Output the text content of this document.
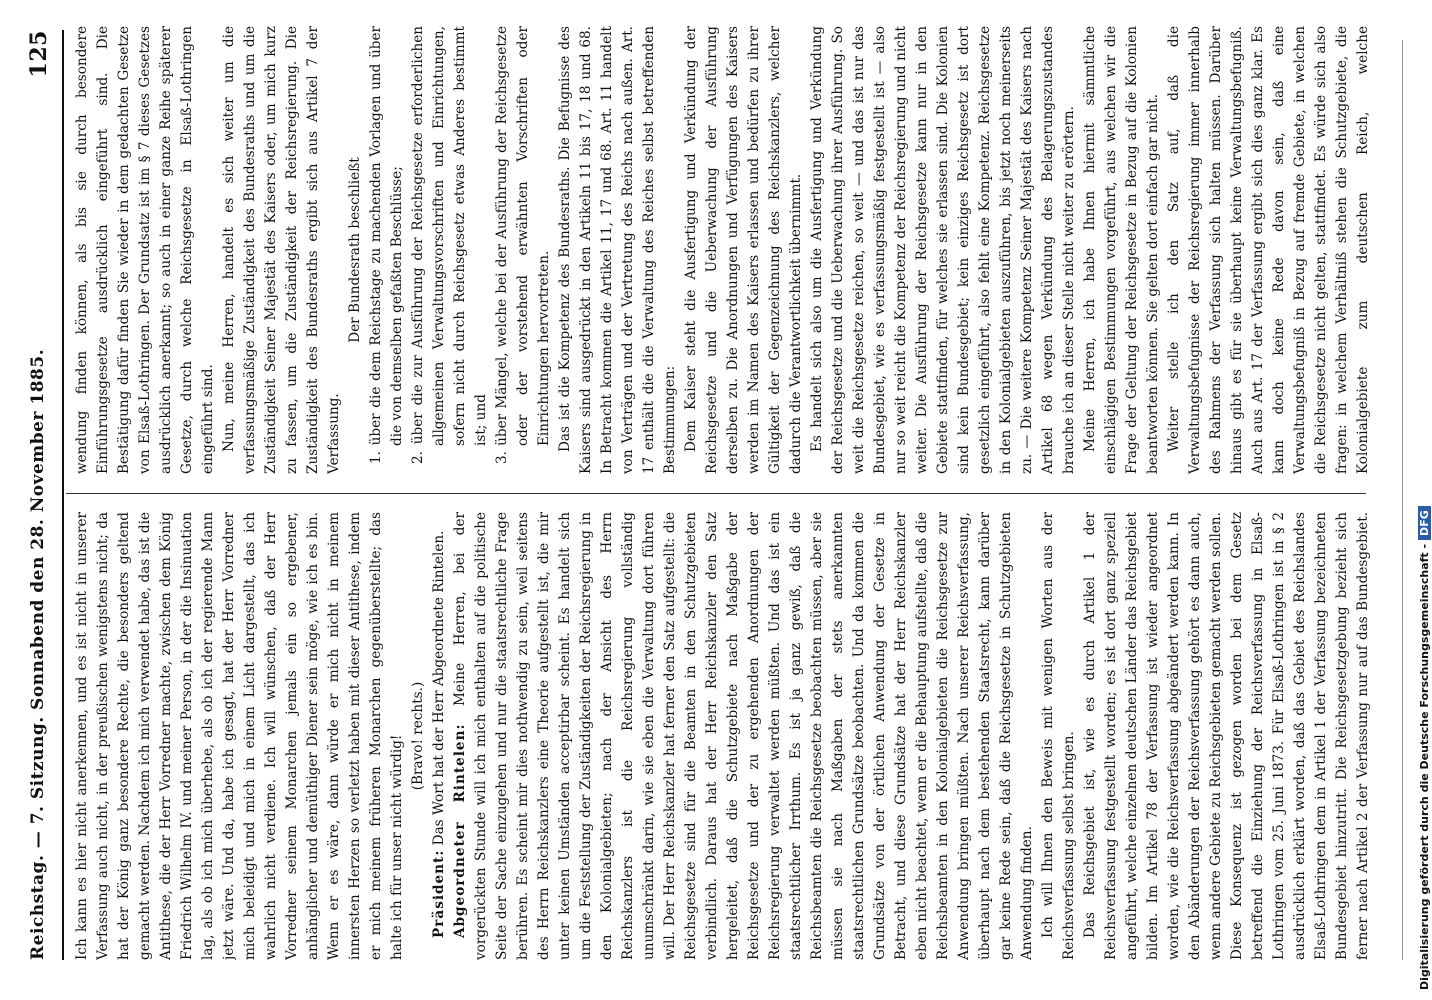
Reichstag. — 7. Sitzung. Sonnabend den 28. November 1885.
125

Ich kann es hier nicht anerkennen, und es ist nicht in unserer Verfassung auch nicht, in der preußischen wenigstens nicht; da hat der König ganz besondere Rechte, die besonders geltend gemacht werden. Nachdem ich mich verwendet habe, das ist die Antithese, die der Herr Vorredner machte, zwischen dem König Friedrich Wilhelm IV. und meiner Person, in der die Insinuation lag, als ob ich mich überhebe, als ob ich der regierende Mann jetzt wäre. Und da, habe ich gesagt, hat der Herr Vorredner mich beleidigt und mich in einem Licht dargestellt, das ich wahrlich nicht verdiene. Ich will wünschen, daß der Herr Vorredner seinem Monarchen jemals ein so ergebener, anhänglicher und demüthiger Diener sein möge, wie ich es bin. Wenn er es wäre, dann würde er mich nicht in meinem innersten Herzen so verletzt haben mit dieser Antithese, indem er mich meinem früheren Monarchen gegenüberstellte; das halte ich für unser nicht würdig! (Bravo! rechts.)

Präsident: Das Wort hat der Herr Abgeordnete Rintelen. Abgeordneter Rintelen: Meine Herren, bei der vorgerückten Stunde will ich mich enthalten auf die politische Seite der Sache einzugehen und nur die staatsrechtliche Frage berühren. Es scheint mir dies nothwendig zu sein, weil seitens des Herrn Reichskanzlers eine Theorie aufgestellt ist, die mir unter keinen Umständen acceptirbar scheint. Es handelt sich um die Feststellung der Zuständigkeiten der Reichsregierung in den Kolonialgebieten; nach der Ansicht des Herrn Reichskanzlers ist die Reichsregierung vollständig unumschränkt darin, wie sie eben die Verwaltung dort führen will. Der Herr Reichskanzler hat ferner den Satz aufgestellt: die Reichsgesetze sind für die Beamten in den Schutzgebieten verbindlich. Daraus hat der Herr Reichskanzler den Satz hergeleitet, daß die Schutzgebiete nach Maßgabe der Reichsgesetze und der zu ergehenden Anordnungen der Reichsregierung verwaltet werden müßten. Und das ist ein staatsrechtlicher Irrthum. Es ist ja ganz gewiß, daß die Reichsbeamten die Reichsgesetze beobachten müssen, aber sie müssen sie nach Maßgaben der stets anerkannten staatsrechtlichen Grundsätze beobachten. Und da kommen die Grundsätze von der örtlichen Anwendung der Gesetze in Betracht, und diese Grundsätze hat der Herr Reichskanzler eben nicht beachtet, wenn er die Behauptung aufstellte, daß die Reichsbeamten in den Kolonialgebieten die Reichsgesetze zur Anwendung bringen müßten. Nach unserer Reichsverfassung, überhaupt nach dem bestehenden Staatsrecht, kann darüber gar keine Rede sein, daß die Reichsgesetze in Schutzgebieten Anwendung finden. Ich will Ihnen den Beweis mit wenigen Worten aus der Reichsverfassung selbst bringen. Das Reichsgebiet ist, wie es durch Artikel 1 der Reichsverfassung festgestellt worden; es ist dort ganz speziell angeführt, welche einzelnen deutschen Länder das Reichsgebiet bilden. Im Artikel 78 der Verfassung ist wieder angeordnet worden, wie die Reichsverfassung abgeändert werden kann. In den Abänderungen der Reichsverfassung gehört es dann auch, wenn andere Gebiete zu Reichsgebieten gemacht werden sollen. Diese Konsequenz ist gezogen worden bei dem Gesetz betreffend die Einziehung der Reichsverfassung in Elsaß-Lothringen vom 25. Juni 1873. Für Elsaß-Lothringen ist in § 2 ausdrücklich erklärt worden, daß das Gebiet des Reichslandes Elsaß-Lothringen dem in Artikel 1 der Verfassung bezeichneten Bundesgebiet hinzutritt. Die Reichsgesetzgebung bezieht sich ferner nach Artikel 2 der Verfassung nur auf das Bundesgebiet.

wendung finden können, als bis sie durch besondere Einführungsgesetze ausdrücklich eingeführt sind. Die Bestätigung dafür finden Sie wieder in dem gedachten Gesetze von Elsaß-Lothringen. Der Grundsatz ist im § 7 dieses Gesetzes ausdrücklich anerkannt; so auch in einer ganze Reihe späterer Gesetze, durch welche Reichsgesetze in Elsaß-Lothringen eingeführt sind. Nun, meine Herren, handelt es sich weiter um die verfassungsmäßige Zuständigkeit des Bundesraths und um die Zuständigkeit Seiner Majestät des Kaisers oder, um mich kurz zu fassen, um die Zuständigkeit der Reichsregierung. Die Zuständigkeit des Bundesraths ergibt sich aus Artikel 7 der Verfassung.

Der Bundesrath beschließt 1. über die dem Reichstage zu machenden Vorlagen und über die von demselben gefaßten Beschlüsse; 2. über die zur Ausführung der Reichsgesetze erforderlichen allgemeinen Verwaltungsvorschriften und Einrichtungen, sofern nicht durch Reichsgesetz etwas Anderes bestimmt ist; und 3. über Mängel, welche bei der Ausführung der Reichsgesetze oder der vorstehend erwähnten Vorschriften oder Einrichtungen hervortreten. Das ist die Kompetenz des Bundesraths. Die Befugnisse des Kaisers sind ausgedrückt in den Artikeln 11 bis 17, 18 und 68. In Betracht kommen die Artikel 11, 17 und 68. Art. 11 handelt von Verträgen und der Vertretung des Reichs nach außen. Art. 17 enthält die die Verwaltung des Reiches selbst betreffenden Bestimmungen: Dem Kaiser steht die Ausfertigung und Verkündung der Reichsgesetze und die Ueberwachung der Ausführung derselben zu. Die Anordnungen und Verfügungen des Kaisers werden im Namen des Kaisers erlassen und bedürfen zu ihrer Gültigkeit der Gegenzeichnung des Reichskanzlers, welcher dadurch die Verantwortlichkeit übernimmt. Es handelt sich also um die Ausfertigung und Verkündung der Reichsgesetze und die Ueberwachung ihrer Ausführung. So weit die Reichsgesetze reichen, so weit — und das ist nur das Bundesgebiet, wie es verfassungsmäßig festgestellt ist — also nur so weit reicht die Kompetenz der Reichsregierung und nicht weiter. Die Ausführung der Reichsgesetze kann nur in den Gebiete stattfinden, für welches sie erlassen sind. Die Kolonien sind kein Bundesgebiet; kein einziges Reichsgesetz ist dort gesetzlich eingeführt, also fehlt eine Kompetenz. Reichsgesetze in den Kolonialgebieten auszuführen, bis jetzt noch meinerseits zu. — Die weitere Kompetenz Seiner Majestät des Kaisers nach Artikel 68 wegen Verkündung des Belagerungszustandes brauche ich an dieser Stelle nicht weiter zu erörtern. Meine Herren, ich habe Ihnen hiermit sämmtliche einschlägigen Bestimmungen vorgeführt, aus welchen wir die Frage der Geltung der Reichsgesetze in Bezug auf die Kolonien beantworten können. Sie gelten dort einfach gar nicht. Weiter stelle ich den Satz auf, daß die Verwaltungsbefugnisse der Reichsregierung immer innerhalb des Rahmens der Verfassung sich halten müssen. Darüber hinaus gibt es für sie überhaupt keine Verwaltungsbefugniß. Auch aus Art. 17 der Verfassung ergibt sich dies ganz klar. Es kann doch keine Rede davon sein, daß eine Verwaltungsbefugniß in Bezug auf fremde Gebiete, in welchen die Reichsgesetze nicht gelten, stattfindet. Es würde sich also fragen: in welchem Verhältniß stehen die Schutzgebiete, die Kolonialgebiete zum deutschen Reich, welche

Digitalisierung gefördert durch die Deutsche Forschungsgemeinschaft -DFG
